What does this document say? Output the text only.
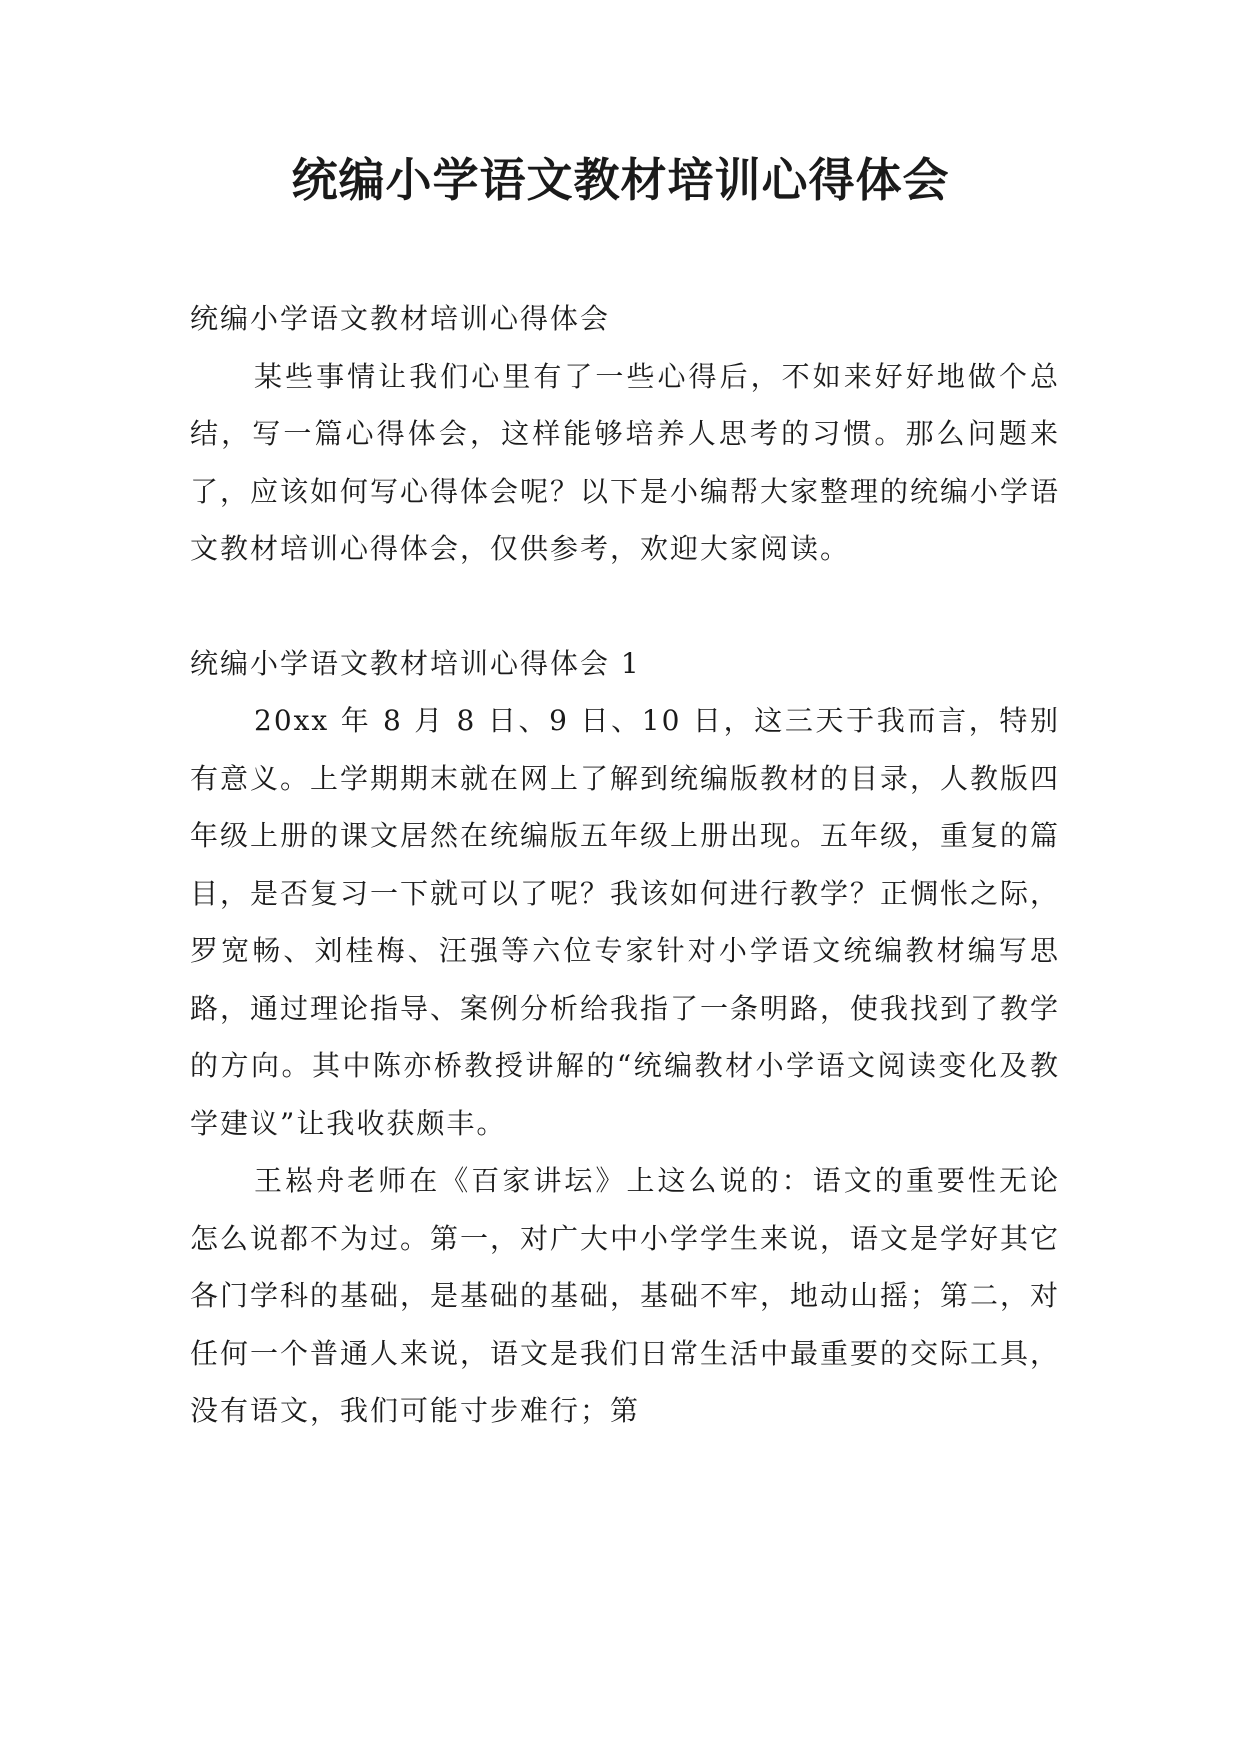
统编小学语文教材培训心得体会

统编小学语文教材培训心得体会

某些事情让我们心里有了一些心得后，不如来好好地做个总结，写一篇心得体会，这样能够培养人思考的习惯。那么问题来了，应该如何写心得体会呢？以下是小编帮大家整理的统编小学语文教材培训心得体会，仅供参考，欢迎大家阅读。

统编小学语文教材培训心得体会 1

20xx 年 8 月 8 日、9 日、10 日，这三天于我而言，特别有意义。上学期期末就在网上了解到统编版教材的目录，人教版四年级上册的课文居然在统编版五年级上册出现。五年级，重复的篇目，是否复习一下就可以了呢？我该如何进行教学？正惆怅之际，罗宽畅、刘桂梅、汪强等六位专家针对小学语文统编教材编写思路，通过理论指导、案例分析给我指了一条明路，使我找到了教学的方向。其中陈亦桥教授讲解的“统编教材小学语文阅读变化及教学建议”让我收获颇丰。

王崧舟老师在《百家讲坛》上这么说的：语文的重要性无论怎么说都不为过。第一，对广大中小学学生来说，语文是学好其它各门学科的基础，是基础的基础，基础不牢，地动山摇；第二，对任何一个普通人来说，语文是我们日常生活中最重要的交际工具，没有语文，我们可能寸步难行；第
